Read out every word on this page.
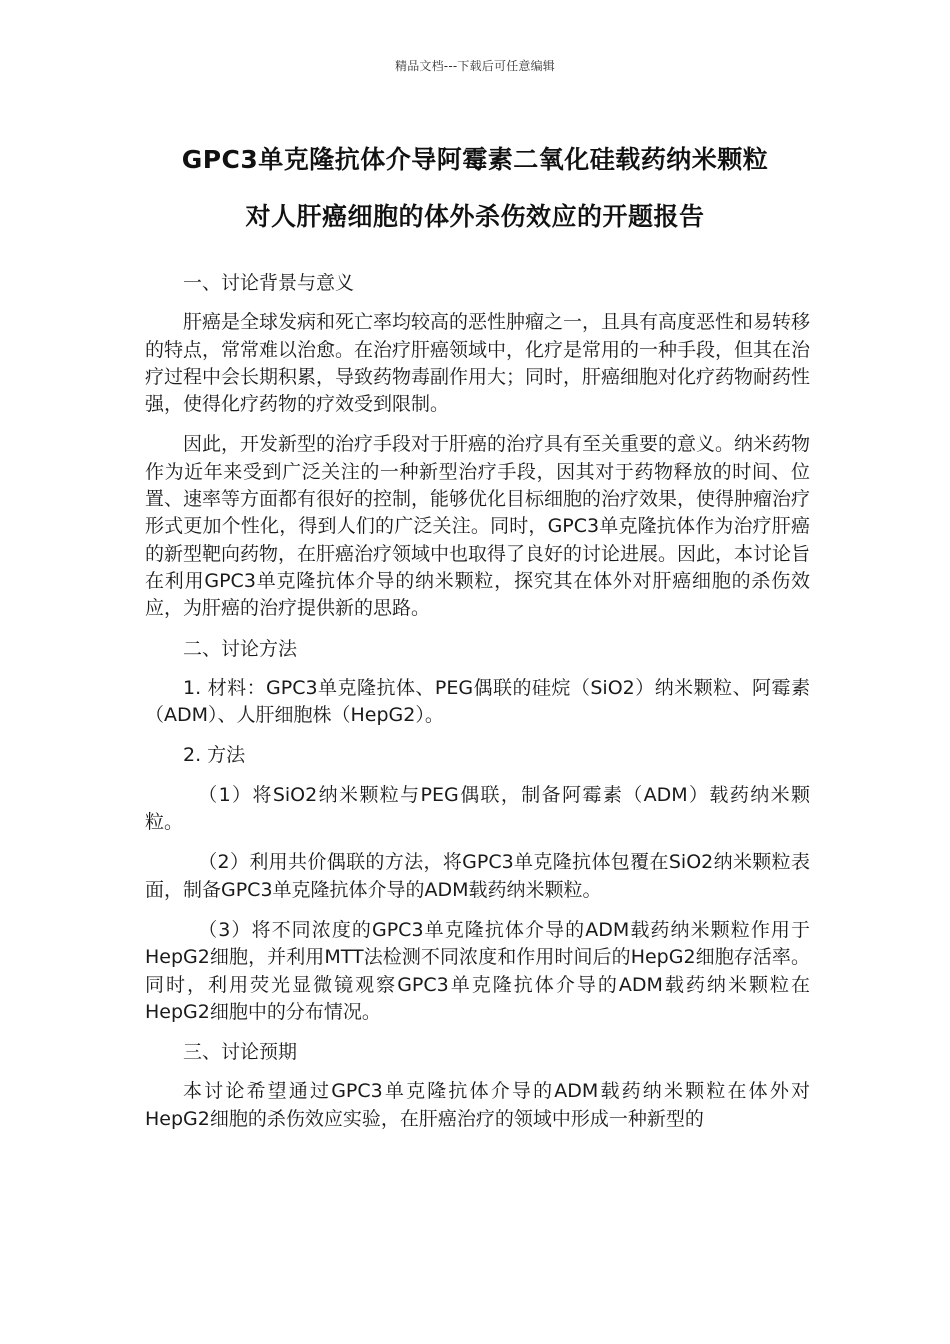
精品文档---下载后可任意编辑
GPC3单克隆抗体介导阿霉素二氧化硅载药纳米颗粒
对人肝癌细胞的体外杀伤效应的开题报告

一、讨论背景与意义

肝癌是全球发病和死亡率均较高的恶性肿瘤之一，且具有高度恶性和易转移的特点，常常难以治愈。在治疗肝癌领域中，化疗是常用的一种手段，但其在治疗过程中会长期积累，导致药物毒副作用大；同时，肝癌细胞对化疗药物耐药性强，使得化疗药物的疗效受到限制。

因此，开发新型的治疗手段对于肝癌的治疗具有至关重要的意义。纳米药物作为近年来受到广泛关注的一种新型治疗手段，因其对于药物释放的时间、位置、速率等方面都有很好的控制，能够优化目标细胞的治疗效果，使得肿瘤治疗形式更加个性化，得到人们的广泛关注。同时，GPC3单克隆抗体作为治疗肝癌的新型靶向药物，在肝癌治疗领域中也取得了良好的讨论进展。因此，本讨论旨在利用GPC3单克隆抗体介导的纳米颗粒，探究其在体外对肝癌细胞的杀伤效应，为肝癌的治疗提供新的思路。

二、讨论方法

1. 材料：GPC3单克隆抗体、PEG偶联的硅烷（SiO2）纳米颗粒、阿霉素（ADM）、人肝细胞株（HepG2）。

2. 方法

（1）将SiO2纳米颗粒与PEG偶联，制备阿霉素（ADM）载药纳米颗粒。

（2）利用共价偶联的方法，将GPC3单克隆抗体包覆在SiO2纳米颗粒表面，制备GPC3单克隆抗体介导的ADM载药纳米颗粒。

（3）将不同浓度的GPC3单克隆抗体介导的ADM载药纳米颗粒作用于HepG2细胞，并利用MTT法检测不同浓度和作用时间后的HepG2细胞存活率。同时，利用荧光显微镜观察GPC3单克隆抗体介导的ADM载药纳米颗粒在HepG2细胞中的分布情况。

三、讨论预期

本讨论希望通过GPC3单克隆抗体介导的ADM载药纳米颗粒在体外对HepG2细胞的杀伤效应实验，在肝癌治疗的领域中形成一种新型的
